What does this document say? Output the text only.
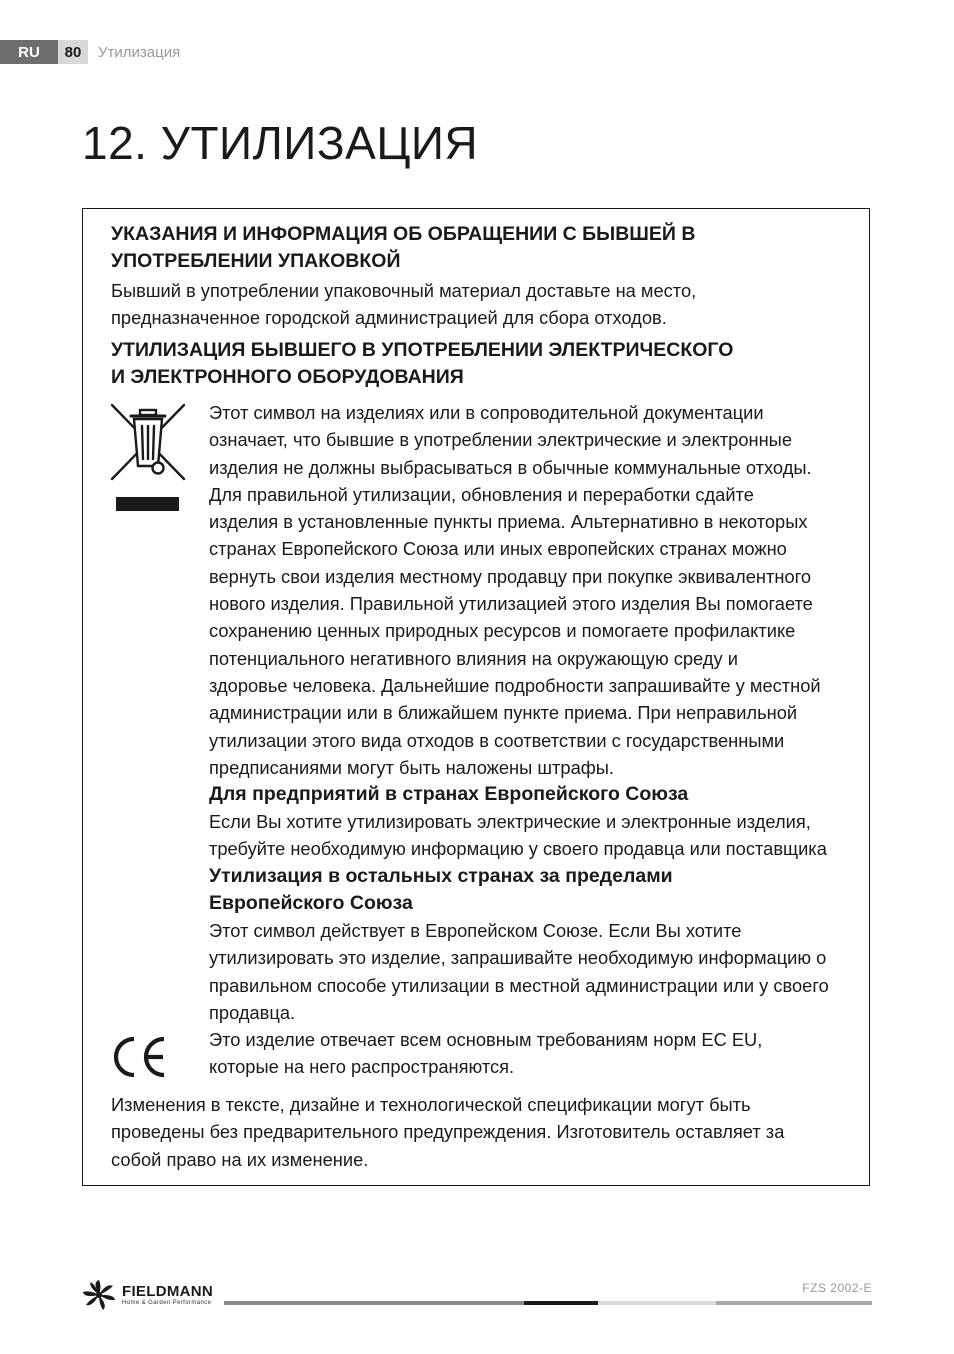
RU	80	Утилизация
12. УТИЛИЗАЦИЯ

УКАЗАНИЯ И ИНФОРМАЦИЯ ОБ ОБРАЩЕНИИ С БЫВШЕЙ В
УПОТРЕБЛЕНИИ УПАКОВКОЙ

Бывший в употреблении упаковочный материал доставьте на место,
предназначенное городской администрацией для сбора отходов.

УТИЛИЗАЦИЯ БЫВШЕГО В УПОТРЕБЛЕНИИ ЭЛЕКТРИЧЕСКОГО
И ЭЛЕКТРОННОГО ОБОРУДОВАНИЯ

Этот символ на изделиях или в сопроводительной документации
означает, что бывшие в употреблении электрические и электронные
изделия не должны выбрасываться в обычные коммунальные отходы.
Для правильной утилизации, обновления и переработки сдайте
изделия в установленные пункты приема. Альтернативно в некоторых
странах Европейского Союза или иных европейских странах можно
вернуть свои изделия местному продавцу при покупке эквивалентного
нового изделия. Правильной утилизацией этого изделия Вы помогаете
сохранению ценных природных ресурсов и помогаете профилактике
потенциального негативного влияния на окружающую среду и
здоровье человека. Дальнейшие подробности запрашивайте у местной
администрации или в ближайшем пункте приема. При неправильной
утилизации этого вида отходов в соответствии с государственными
предписаниями могут быть наложены штрафы.

Для предприятий в странах Европейского Союза

Если Вы хотите утилизировать электрические и электронные изделия,
требуйте необходимую информацию у своего продавца или поставщика

Утилизация в остальных странах за пределами
Европейского Союза

Этот символ действует в Европейском Союзе. Если Вы хотите
утилизировать это изделие, запрашивайте необходимую информацию о
правильном способе утилизации в местной администрации или у своего
продавца.
Это изделие отвечает всем основным требованиям норм ЕС EU,
которые на него распространяются.
Изменения в тексте, дизайне и технологической спецификации могут быть
проведены без предварительного предупреждения. Изготовитель оставляет за
собой право на их изменение.
FIELDMANN
Home & Garden Performance
FZS 2002-E
